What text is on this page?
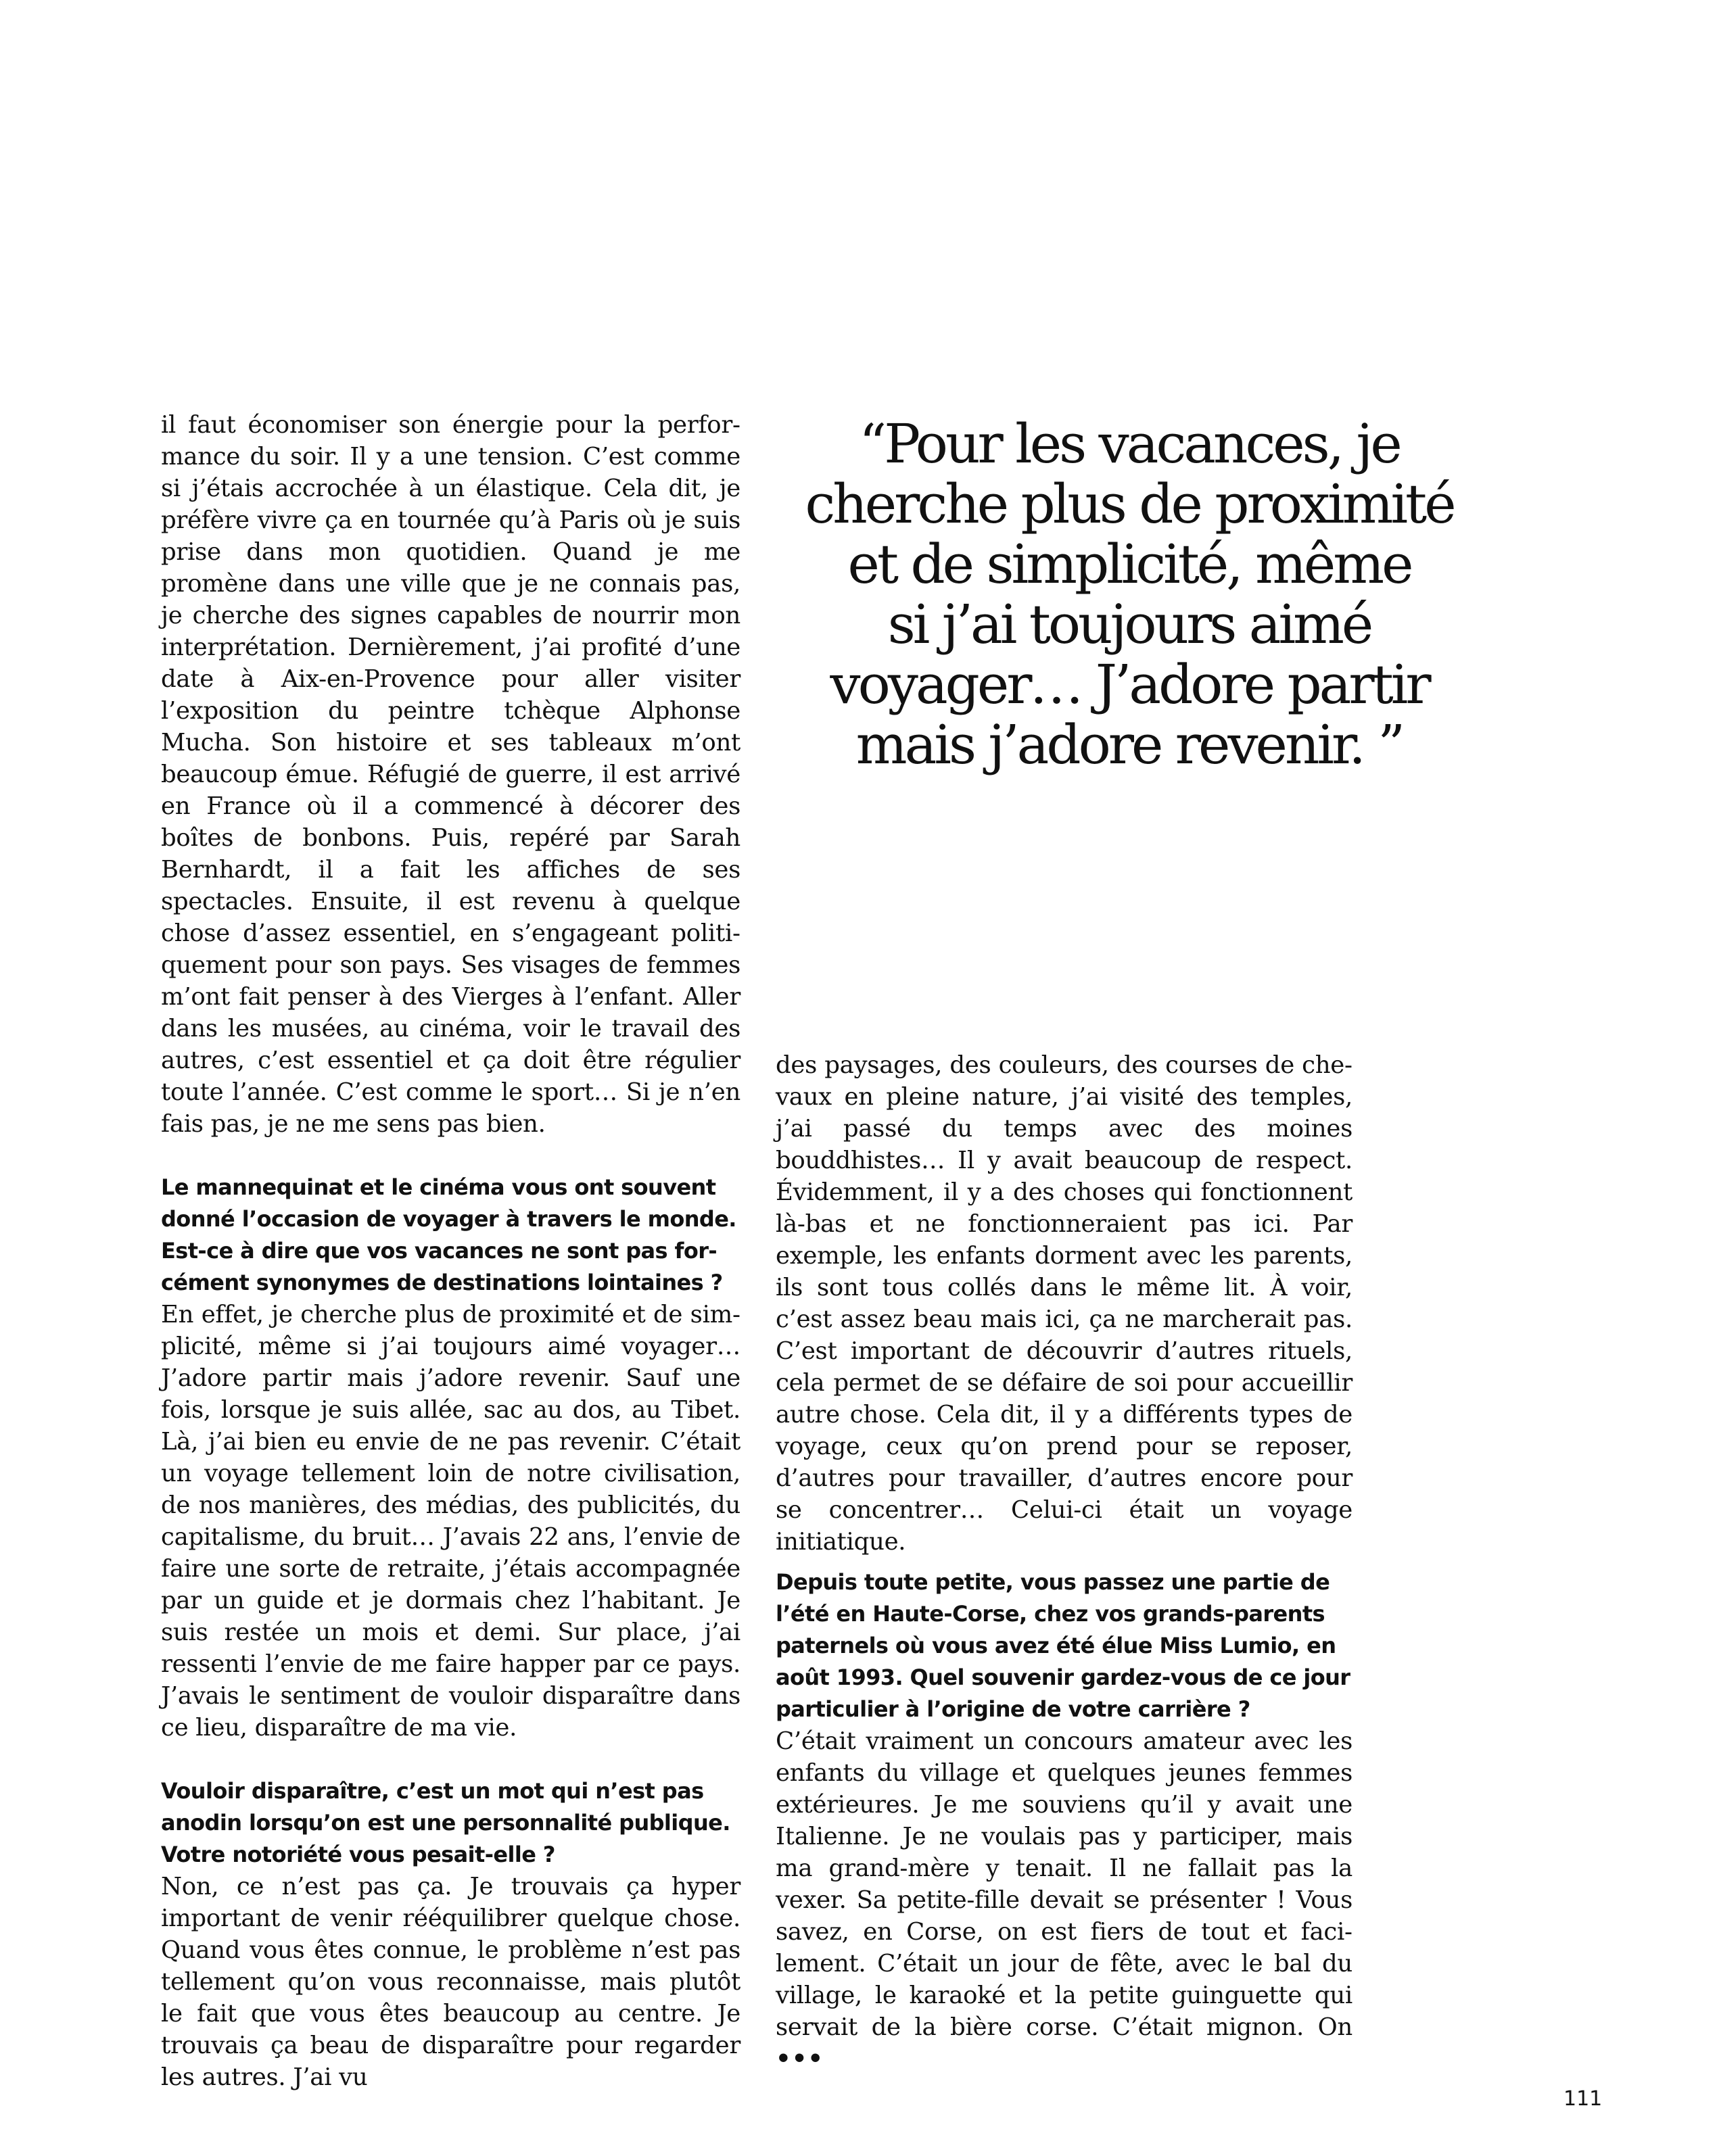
“Pour les vacances, je
cherche plus de proximité
et de simplicité, même
si j’ai toujours aimé
voyager… J’adore partir
mais j’adore revenir. ”

il faut économiser son énergie pour la performance du soir. Il y a une tension. C’est comme si j’étais accrochée à un élastique. Cela dit, je préfère vivre ça en tournée qu’à Paris où je suis prise dans mon quotidien. Quand je me promène dans une ville que je ne connais pas, je cherche des signes capables de nourrir mon interprétation. Dernièrement, j’ai profité d’une date à Aix-en-Provence pour aller visiter l’exposition du peintre tchèque Alphonse Mucha. Son histoire et ses tableaux m’ont beaucoup émue. Réfugié de guerre, il est arrivé en France où il a commencé à décorer des boîtes de bonbons. Puis, repéré par Sarah Bernhardt, il a fait les affiches de ses spectacles. Ensuite, il est revenu à quelque chose d’assez essentiel, en s’engageant politiquement pour son pays. Ses visages de femmes m’ont fait penser à des Vierges à l’enfant. Aller dans les musées, au cinéma, voir le travail des autres, c’est essentiel et ça doit être régulier toute l’année. C’est comme le sport… Si je n’en fais pas, je ne me sens pas bien.

Le mannequinat et le cinéma vous ont souvent donné l’occasion de voyager à travers le monde. Est-ce à dire que vos vacances ne sont pas forcément synonymes de destinations lointaines ?

En effet, je cherche plus de proximité et de simplicité, même si j’ai toujours aimé voyager… J’adore partir mais j’adore revenir. Sauf une fois, lorsque je suis allée, sac au dos, au Tibet. Là, j’ai bien eu envie de ne pas revenir. C’était un voyage tellement loin de notre civilisation, de nos manières, des médias, des publicités, du capitalisme, du bruit… J’avais 22 ans, l’envie de faire une sorte de retraite, j’étais accompagnée par un guide et je dormais chez l’habitant. Je suis restée un mois et demi. Sur place, j’ai ressenti l’envie de me faire happer par ce pays. J’avais le sentiment de vouloir disparaître dans ce lieu, disparaître de ma vie.

Vouloir disparaître, c’est un mot qui n’est pas anodin lorsqu’on est une personnalité publique. Votre notoriété vous pesait-elle ?

Non, ce n’est pas ça. Je trouvais ça hyper important de venir rééquilibrer quelque chose. Quand vous êtes connue, le problème n’est pas tellement qu’on vous reconnaisse, mais plutôt le fait que vous êtes beaucoup au centre. Je trouvais ça beau de disparaître pour regarder les autres. J’ai vu

des paysages, des couleurs, des courses de chevaux en pleine nature, j’ai visité des temples, j’ai passé du temps avec des moines bouddhistes… Il y avait beaucoup de respect. Évidemment, il y a des choses qui fonctionnent là-bas et ne fonctionneraient pas ici. Par exemple, les enfants dorment avec les parents, ils sont tous collés dans le même lit. À voir, c’est assez beau mais ici, ça ne marcherait pas. C’est important de découvrir d’autres rituels, cela permet de se défaire de soi pour accueillir autre chose. Cela dit, il y a différents types de voyage, ceux qu’on prend pour se reposer, d’autres pour travailler, d’autres encore pour se concentrer… Celui-ci était un voyage initiatique.

Depuis toute petite, vous passez une partie de l’été en Haute-Corse, chez vos grands-parents paternels où vous avez été élue Miss Lumio, en août 1993. Quel souvenir gardez-vous de ce jour particulier à l’origine de votre carrière ?

C’était vraiment un concours amateur avec les enfants du village et quelques jeunes femmes extérieures. Je me souviens qu’il y avait une Italienne. Je ne voulais pas y participer, mais ma grand-mère y tenait. Il ne fallait pas la vexer. Sa petite-fille devait se présenter ! Vous savez, en Corse, on est fiers de tout et facilement. C’était un jour de fête, avec le bal du village, le karaoké et la petite guinguette qui servait de la bière corse. C’était mignon. On •••

111
